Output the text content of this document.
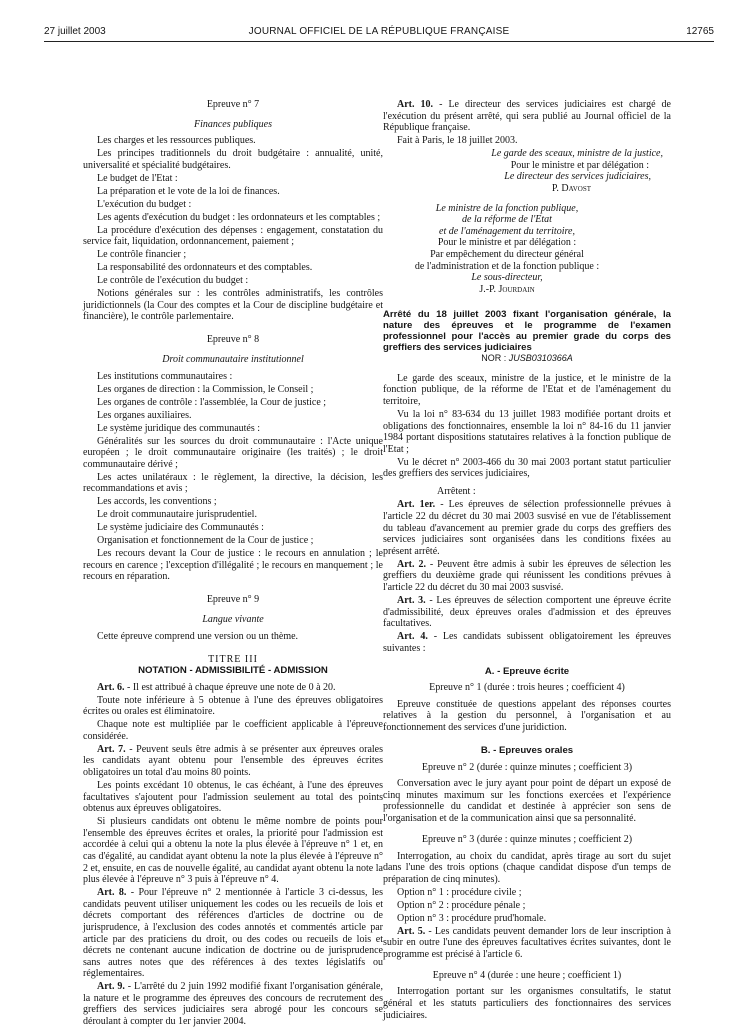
27 juillet 2003	JOURNAL OFFICIEL DE LA RÉPUBLIQUE FRANÇAISE	12765

Epreuve n° 7

Finances publiques

Les charges et les ressources publiques.

Les principes traditionnels du droit budgétaire : annualité, unité, universalité et spécialité budgétaires.

Le budget de l'Etat :

La préparation et le vote de la loi de finances.

L'exécution du budget :

Les agents d'exécution du budget : les ordonnateurs et les comptables ;

La procédure d'exécution des dépenses : engagement, constatation du service fait, liquidation, ordonnancement, paiement ;

Le contrôle financier ;

La responsabilité des ordonnateurs et des comptables.

Le contrôle de l'exécution du budget :

Notions générales sur : les contrôles administratifs, les contrôles juridictionnels (la Cour des comptes et la Cour de discipline budgétaire et financière), le contrôle parlementaire.

Epreuve n° 8

Droit communautaire institutionnel

Les institutions communautaires :

Les organes de direction : la Commission, le Conseil ;

Les organes de contrôle : l'assemblée, la Cour de justice ;

Les organes auxiliaires.

Le système juridique des communautés :

Généralités sur les sources du droit communautaire : l'Acte unique européen ; le droit communautaire originaire (les traités) ; le droit communautaire dérivé ;

Les actes unilatéraux : le règlement, la directive, la décision, les recommandations et avis ;

Les accords, les conventions ;

Le droit communautaire jurisprudentiel.

Le système judiciaire des Communautés :

Organisation et fonctionnement de la Cour de justice ;

Les recours devant la Cour de justice : le recours en annulation ; le recours en carence ; l'exception d'illégalité ; le recours en manquement ; le recours en réparation.

Epreuve n° 9

Langue vivante

Cette épreuve comprend une version ou un thème.

TITRE III

NOTATION - ADMISSIBILITÉ - ADMISSION

Art. 6. - Il est attribué à chaque épreuve une note de 0 à 20.

Toute note inférieure à 5 obtenue à l'une des épreuves obligatoires écrites ou orales est éliminatoire.

Chaque note est multipliée par le coefficient applicable à l'épreuve considérée.

Art. 7. - Peuvent seuls être admis à se présenter aux épreuves orales les candidats ayant obtenu pour l'ensemble des épreuves écrites obligatoires un total d'au moins 80 points.

Les points excédant 10 obtenus, le cas échéant, à l'une des épreuves facultatives s'ajoutent pour l'admission seulement au total des points obtenus aux épreuves obligatoires.

Si plusieurs candidats ont obtenu le même nombre de points pour l'ensemble des épreuves écrites et orales, la priorité pour l'admission est accordée à celui qui a obtenu la note la plus élevée à l'épreuve n° 1 et, en cas d'égalité, au candidat ayant obtenu la note la plus élevée à l'épreuve n° 2 et, ensuite, en cas de nouvelle égalité, au candidat ayant obtenu la note la plus élevée à l'épreuve n° 3 puis à l'épreuve n° 4.

Art. 8. - Pour l'épreuve n° 2 mentionnée à l'article 3 ci-dessus, les candidats peuvent utiliser uniquement les codes ou les recueils de lois et décrets comportant des références d'articles de doctrine ou de jurisprudence, à l'exclusion des codes annotés et commentés article par article par des praticiens du droit, ou des codes ou recueils de lois et décrets ne contenant aucune indication de doctrine ou de jurisprudence sans autres notes que des références à des textes législatifs ou réglementaires.

Art. 9. - L'arrêté du 2 juin 1992 modifié fixant l'organisation générale, la nature et le programme des épreuves des concours de recrutement des greffiers des services judiciaires sera abrogé pour les concours se déroulant à compter du 1er janvier 2004.

Art. 10. - Le directeur des services judiciaires est chargé de l'exécution du présent arrêté, qui sera publié au Journal officiel de la République française.

Fait à Paris, le 18 juillet 2003.

Le garde des sceaux, ministre de la justice,

Pour le ministre et par délégation :

Le directeur des services judiciaires,

P. Davost

Le ministre de la fonction publique,

de la réforme de l'Etat

et de l'aménagement du territoire,

Pour le ministre et par délégation :

Par empêchement du directeur général

de l'administration et de la fonction publique :

Le sous-directeur,

J.-P. Jourdain

Arrêté du 18 juillet 2003 fixant l'organisation générale, la nature des épreuves et le programme de l'examen professionnel pour l'accès au premier grade du corps des greffiers des services judiciaires

NOR : JUSB0310366A

Le garde des sceaux, ministre de la justice, et le ministre de la fonction publique, de la réforme de l'Etat et de l'aménagement du territoire,

Vu la loi n° 83-634 du 13 juillet 1983 modifiée portant droits et obligations des fonctionnaires, ensemble la loi n° 84-16 du 11 janvier 1984 portant dispositions statutaires relatives à la fonction publique de l'Etat ;

Vu le décret n° 2003-466 du 30 mai 2003 portant statut particulier des greffiers des services judiciaires,

Arrêtent :

Art. 1er. - Les épreuves de sélection professionnelle prévues à l'article 22 du décret du 30 mai 2003 susvisé en vue de l'établissement du tableau d'avancement au premier grade du corps des greffiers des services judiciaires sont organisées dans les conditions fixées au présent arrêté.

Art. 2. - Peuvent être admis à subir les épreuves de sélection les greffiers du deuxième grade qui réunissent les conditions prévues à l'article 22 du décret du 30 mai 2003 susvisé.

Art. 3. - Les épreuves de sélection comportent une épreuve écrite d'admissibilité, deux épreuves orales d'admission et des épreuves facultatives.

Art. 4. - Les candidats subissent obligatoirement les épreuves suivantes :

A. - Epreuve écrite

Epreuve n° 1 (durée : trois heures ; coefficient 4)

Epreuve constituée de questions appelant des réponses courtes relatives à la gestion du personnel, à l'organisation et au fonctionnement des services d'une juridiction.

B. - Epreuves orales

Epreuve n° 2 (durée : quinze minutes ; coefficient 3)

Conversation avec le jury ayant pour point de départ un exposé de cinq minutes maximum sur les fonctions exercées et l'expérience professionnelle du candidat et destinée à apprécier son sens de l'organisation et de la communication ainsi que sa personnalité.

Epreuve n° 3 (durée : quinze minutes ; coefficient 2)

Interrogation, au choix du candidat, après tirage au sort du sujet dans l'une des trois options (chaque candidat dispose d'un temps de préparation de cinq minutes).

Option n° 1 : procédure civile ;

Option n° 2 : procédure pénale ;

Option n° 3 : procédure prud'homale.

Art. 5. - Les candidats peuvent demander lors de leur inscription à subir en outre l'une des épreuves facultatives écrites suivantes, dont le programme est précisé à l'article 6.

Epreuve n° 4 (durée : une heure ; coefficient 1)

Interrogation portant sur les organismes consultatifs, le statut général et les statuts particuliers des fonctionnaires des services judiciaires.
